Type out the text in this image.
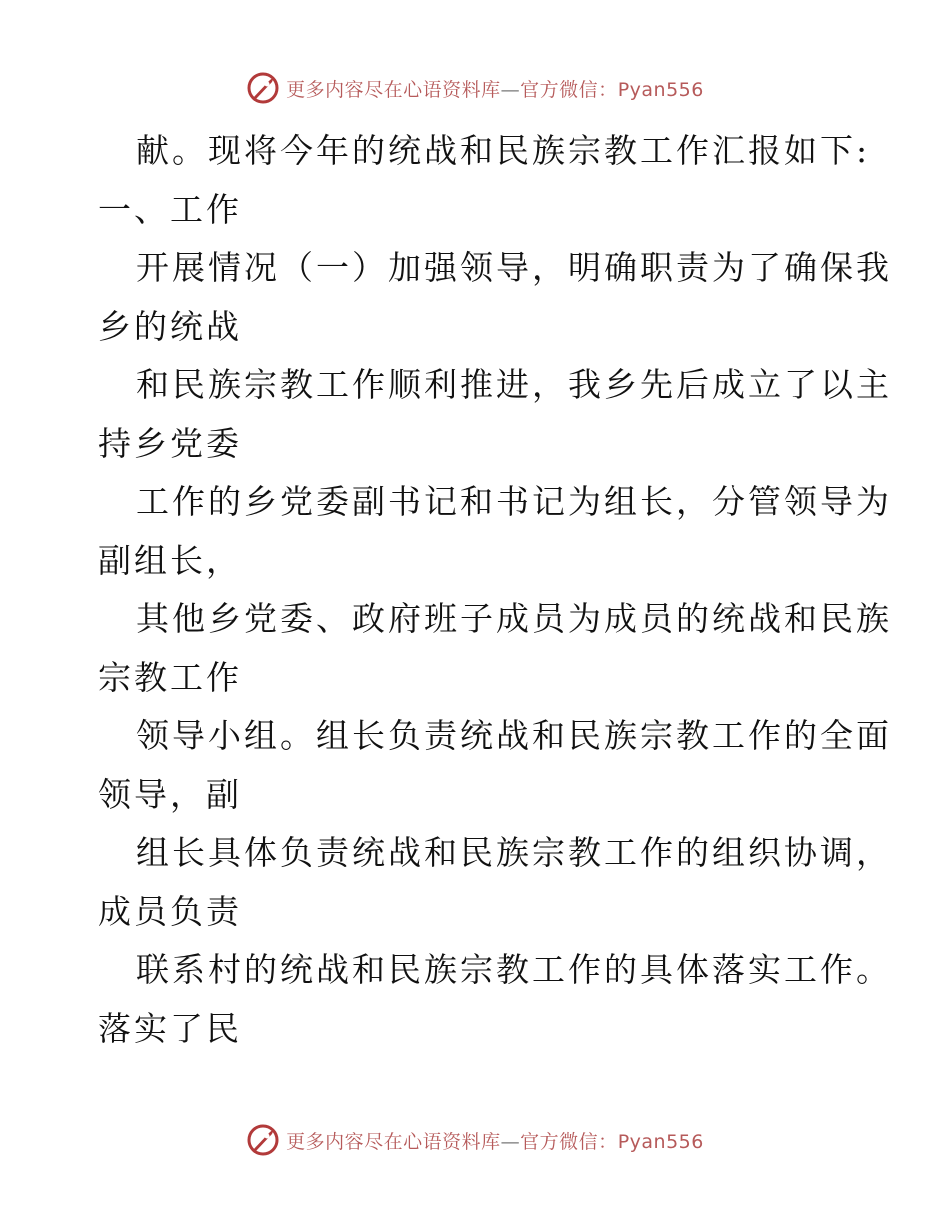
更多内容尽在心语资料库—官方微信：Pyan556
献。现将今年的统战和民族宗教工作汇报如下:
一、工作
开展情况（一）加强领导，明确职责为了确保我
乡的统战
和民族宗教工作顺利推进，我乡先后成立了以主
持乡党委
工作的乡党委副书记和书记为组长，分管领导为
副组长，
其他乡党委、政府班子成员为成员的统战和民族
宗教工作
领导小组。组长负责统战和民族宗教工作的全面
领导，副
组长具体负责统战和民族宗教工作的组织协调，
成员负责
联系村的统战和民族宗教工作的具体落实工作。
落实了民
更多内容尽在心语资料库—官方微信：Pyan556
